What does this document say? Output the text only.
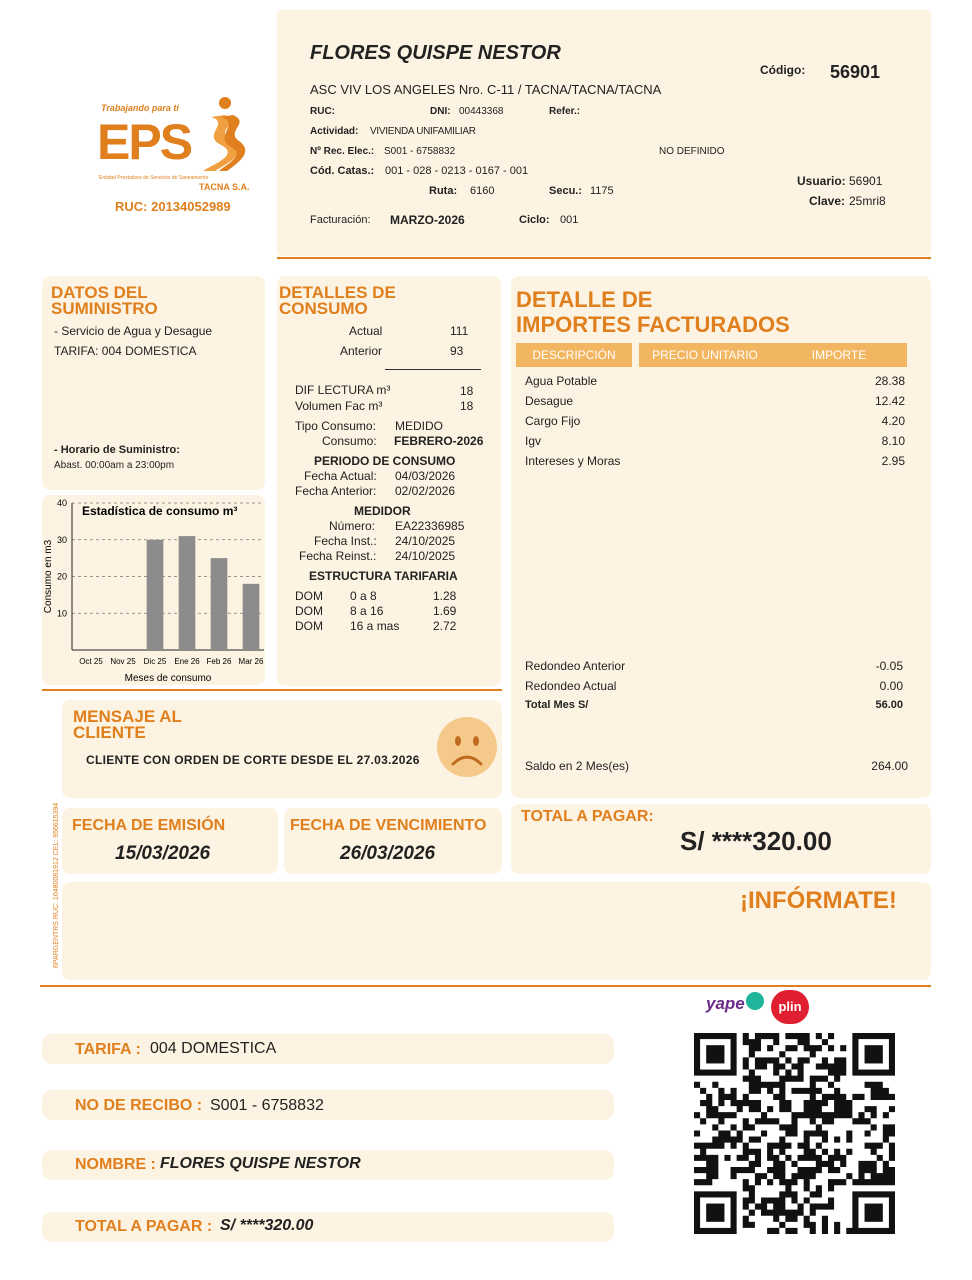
Trabajando para ti
EPS
Entidad Prestadora de Servicios de Saneamiento
TACNA S.A.
RUC: 20134052989
FLORES QUISPE NESTOR
ASC VIV LOS ANGELES Nro. C-11 / TACNA/TACNA/TACNA
Código: 56901
RUC:	DNI: 00443368	Refer.:
Actividad: VIVIENDA UNIFAMILIAR
Nº Rec. Elec.: S001 - 6758832	NO DEFINIDO
Cód. Catas.: 001 - 028 - 0213 - 0167 - 001
Ruta: 6160	Secu.: 1175
Usuario: 56901
Clave: 25mri8
Facturación: MARZO-2026	Ciclo: 001
DATOS DEL
SUMINISTRO
- Servicio de Agua y Desague
TARIFA: 004 DOMESTICA
- Horario de Suministro:
Abast. 00:00am a 23:00pm
10
20
30
40
Oct 25 Nov 25 Dic 25 Ene 26 Feb 26 Mar 26
Estadística de consumo m³
Meses de consumo
Consumo en m3
DETALLES DE
CONSUMO
Actual	111
Anterior	93
DIF LECTURA m³	18
Volumen Fac m³	18
Tipo Consumo: MEDIDO
Consumo: FEBRERO-2026
PERIODO DE CONSUMO
Fecha Actual: 04/03/2026
Fecha Anterior: 02/02/2026
MEDIDOR
Número: EA22336985
Fecha Inst.: 24/10/2025
Fecha Reinst.: 24/10/2025
ESTRUCTURA TARIFARIA
DOM 0 a 8	1.28
DOM 8 a 16	1.69
DOM 16 a mas	2.72
DETALLE DE
IMPORTES FACTURADOS
DESCRIPCIÓN	PRECIO UNITARIO	IMPORTE
Agua Potable	28.38
Desague	12.42
Cargo Fijo	4.20
Igv	8.10
Intereses y Moras	2.95
Redondeo Anterior	-0.05
Redondeo Actual	0.00
Total Mes S/	56.00
Saldo en 2 Mes(es)	264.00
MENSAJE AL
CLIENTE
CLIENTE CON ORDEN DE CORTE DESDE EL 27.03.2026
6PARGENTRS RUC: 10480081912 CEL: 956615394 FECHA DE EMISIÓN
15/03/2026
FECHA DE VENCIMIENTO
26/03/2026
TOTAL A PAGAR:
S/ ****320.00
¡INFÓRMATE!
yape	plin
TARIFA : 004 DOMESTICA
NO DE RECIBO : S001 - 6758832
NOMBRE : FLORES QUISPE NESTOR
TOTAL A PAGAR : S/ ****320.00
